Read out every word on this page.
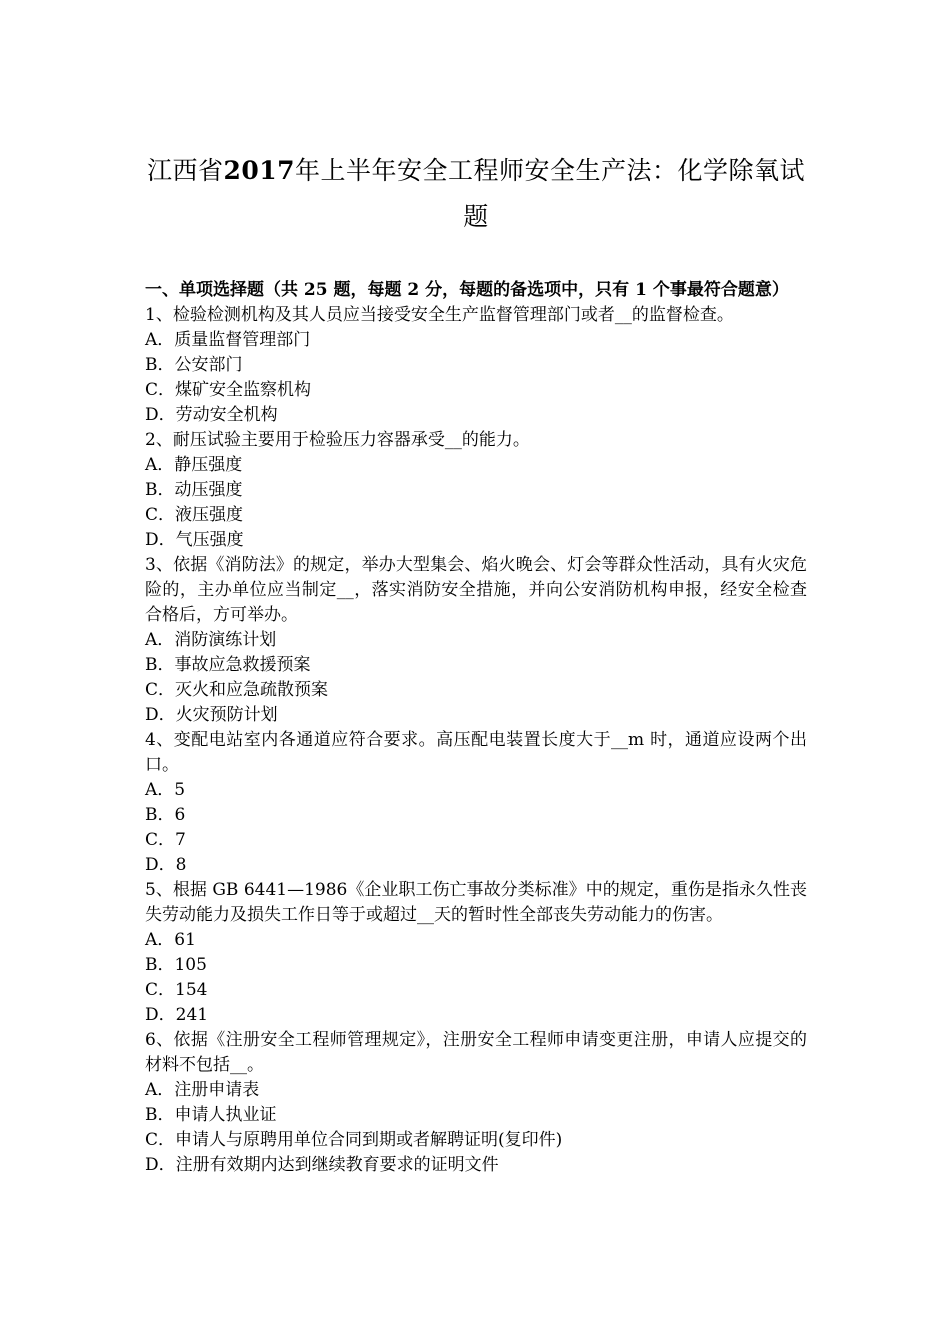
江西省2017年上半年安全工程师安全生产法：化学除氧试题
一、单项选择题（共 25 题，每题 2 分，每题的备选项中，只有 1 个事最符合题意）

1、检验检测机构及其人员应当接受安全生产监督管理部门或者__的监督检查。

A．质量监督管理部门

B．公安部门

C．煤矿安全监察机构

D．劳动安全机构

2、耐压试验主要用于检验压力容器承受__的能力。

A．静压强度

B．动压强度

C．液压强度

D．气压强度

3、依据《消防法》的规定，举办大型集会、焰火晚会、灯会等群众性活动，具有火灾危险的，主办单位应当制定__，落实消防安全措施，并向公安消防机构申报，经安全检查合格后，方可举办。

A．消防演练计划

B．事故应急救援预案

C．灭火和应急疏散预案

D．火灾预防计划

4、变配电站室内各通道应符合要求。高压配电装置长度大于__m 时，通道应设两个出口。

A．5

B．6

C．7

D．8

5、根据 GB 6441—1986《企业职工伤亡事故分类标准》中的规定，重伤是指永久性丧失劳动能力及损失工作日等于或超过__天的暂时性全部丧失劳动能力的伤害。

A．61

B．105

C．154

D．241

6、依据《注册安全工程师管理规定》，注册安全工程师申请变更注册，申请人应提交的材料不包括__。

A．注册申请表

B．申请人执业证

C．申请人与原聘用单位合同到期或者解聘证明(复印件)

D．注册有效期内达到继续教育要求的证明文件
